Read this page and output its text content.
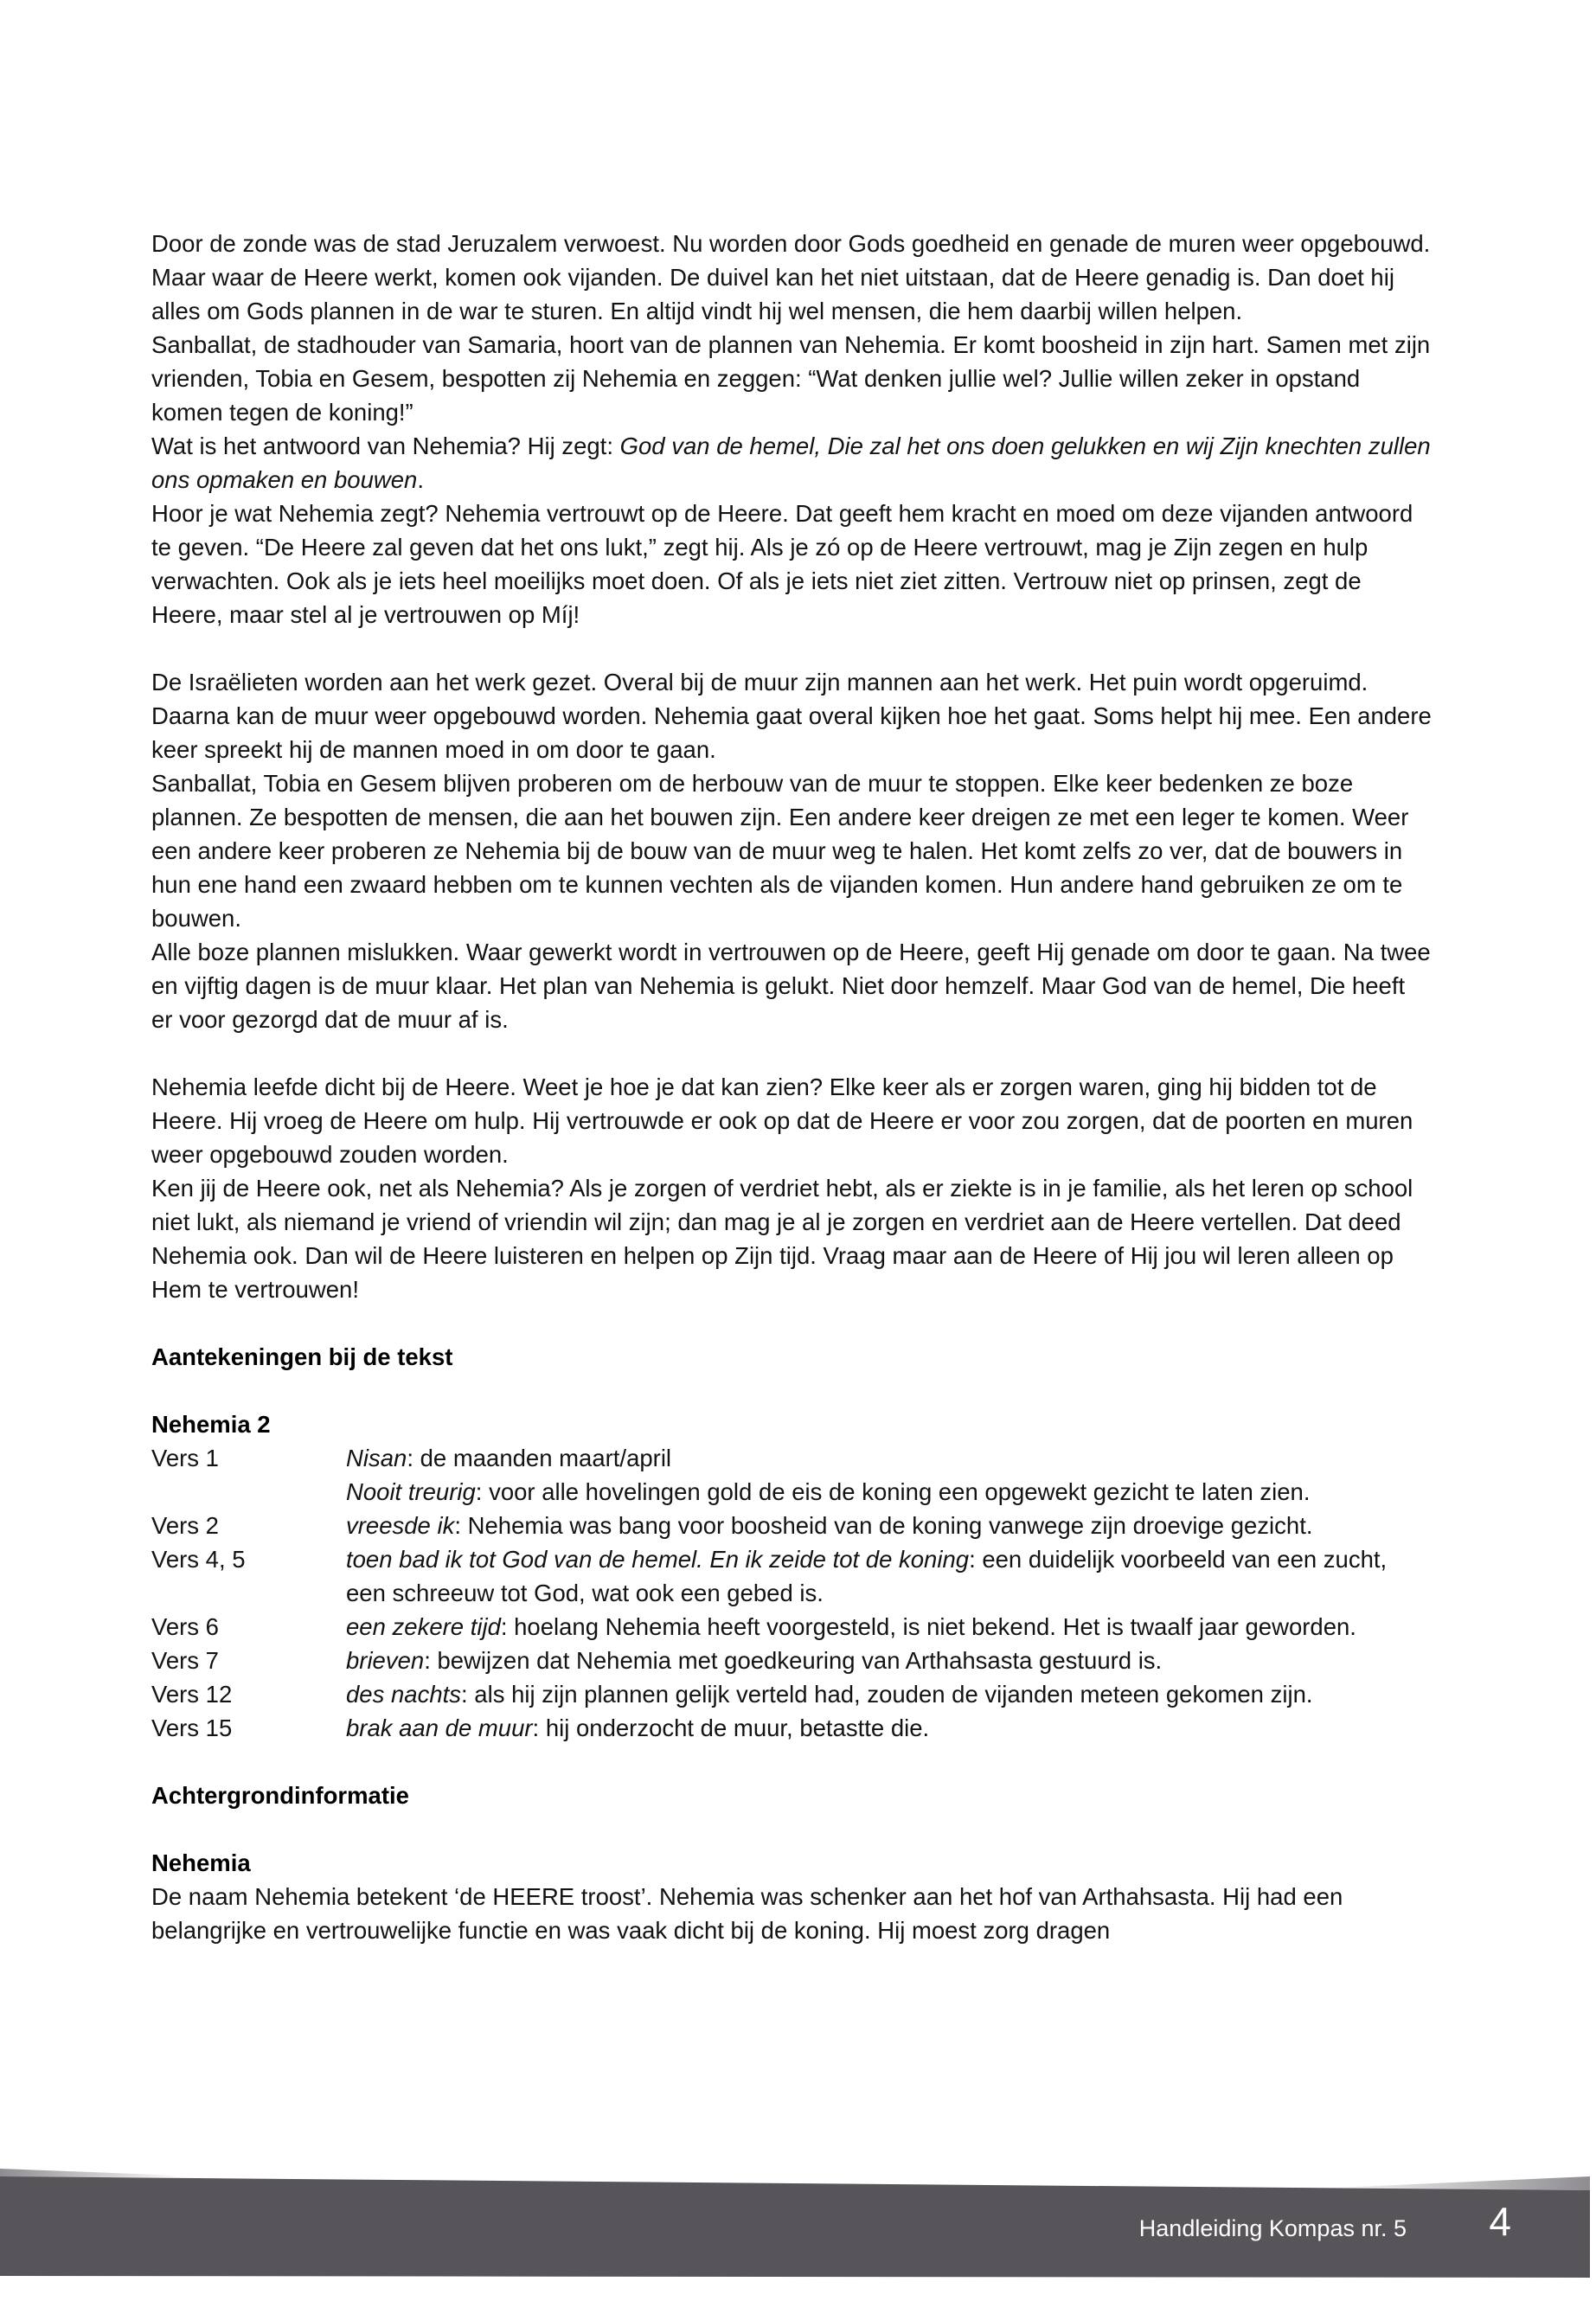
Door de zonde was de stad Jeruzalem verwoest. Nu worden door Gods goedheid en genade de muren weer opgebouwd. Maar waar de Heere werkt, komen ook vijanden. De duivel kan het niet uitstaan, dat de Heere genadig is. Dan doet hij alles om Gods plannen in de war te sturen. En altijd vindt hij wel mensen, die hem daarbij willen helpen.

Sanballat, de stadhouder van Samaria, hoort van de plannen van Nehemia. Er komt boosheid in zijn hart. Samen met zijn vrienden, Tobia en Gesem, bespotten zij Nehemia en zeggen: “Wat denken jullie wel? Jullie willen zeker in opstand komen tegen de koning!”

Wat is het antwoord van Nehemia? Hij zegt: God van de hemel, Die zal het ons doen gelukken en wij Zijn knechten zullen ons opmaken en bouwen.

Hoor je wat Nehemia zegt? Nehemia vertrouwt op de Heere. Dat geeft hem kracht en moed om deze vijanden antwoord te geven. “De Heere zal geven dat het ons lukt,” zegt hij. Als je zó op de Heere vertrouwt, mag je Zijn zegen en hulp verwachten. Ook als je iets heel moeilijks moet doen. Of als je iets niet ziet zitten. Vertrouw niet op prinsen, zegt de Heere, maar stel al je vertrouwen op Míj!

De Israëlieten worden aan het werk gezet. Overal bij de muur zijn mannen aan het werk. Het puin wordt opgeruimd. Daarna kan de muur weer opgebouwd worden. Nehemia gaat overal kijken hoe het gaat. Soms helpt hij mee. Een andere keer spreekt hij de mannen moed in om door te gaan.

Sanballat, Tobia en Gesem blijven proberen om de herbouw van de muur te stoppen. Elke keer bedenken ze boze plannen. Ze bespotten de mensen, die aan het bouwen zijn. Een andere keer dreigen ze met een leger te komen. Weer een andere keer proberen ze Nehemia bij de bouw van de muur weg te halen. Het komt zelfs zo ver, dat de bouwers in hun ene hand een zwaard hebben om te kunnen vechten als de vijanden komen. Hun andere hand gebruiken ze om te bouwen.

Alle boze plannen mislukken. Waar gewerkt wordt in vertrouwen op de Heere, geeft Hij genade om door te gaan. Na twee en vijftig dagen is de muur klaar. Het plan van Nehemia is gelukt. Niet door hemzelf. Maar God van de hemel, Die heeft er voor gezorgd dat de muur af is.

Nehemia leefde dicht bij de Heere. Weet je hoe je dat kan zien? Elke keer als er zorgen waren, ging hij bidden tot de Heere. Hij vroeg de Heere om hulp. Hij vertrouwde er ook op dat de Heere er voor zou zorgen, dat de poorten en muren weer opgebouwd zouden worden.

Ken jij de Heere ook, net als Nehemia? Als je zorgen of verdriet hebt, als er ziekte is in je familie, als het leren op school niet lukt, als niemand je vriend of vriendin wil zijn; dan mag je al je zorgen en verdriet aan de Heere vertellen. Dat deed Nehemia ook. Dan wil de Heere luisteren en helpen op Zijn tijd. Vraag maar aan de Heere of Hij jou wil leren alleen op Hem te vertrouwen!

Aantekeningen bij de tekst
Nehemia 2
Vers 1	Nisan: de maanden maart/april
Nooit treurig: voor alle hovelingen gold de eis de koning een opgewekt gezicht te laten zien.
Vers 2	vreesde ik: Nehemia was bang voor boosheid van de koning vanwege zijn droevige gezicht.
Vers 4, 5	toen bad ik tot God van de hemel. En ik zeide tot de koning: een duidelijk voorbeeld van een zucht, een schreeuw tot God, wat ook een gebed is.
Vers 6	een zekere tijd: hoelang Nehemia heeft voorgesteld, is niet bekend. Het is twaalf jaar geworden.
Vers 7	brieven: bewijzen dat Nehemia met goedkeuring van Arthahsasta gestuurd is.
Vers 12	des nachts: als hij zijn plannen gelijk verteld had, zouden de vijanden meteen gekomen zijn.
Vers 15	brak aan de muur: hij onderzocht de muur, betastte die.
Achtergrondinformatie
Nehemia

De naam Nehemia betekent ‘de HEERE troost’. Nehemia was schenker aan het hof van Arthahsasta. Hij had een belangrijke en vertrouwelijke functie en was vaak dicht bij de koning. Hij moest zorg dragen

Handleiding Kompas nr. 5 4
